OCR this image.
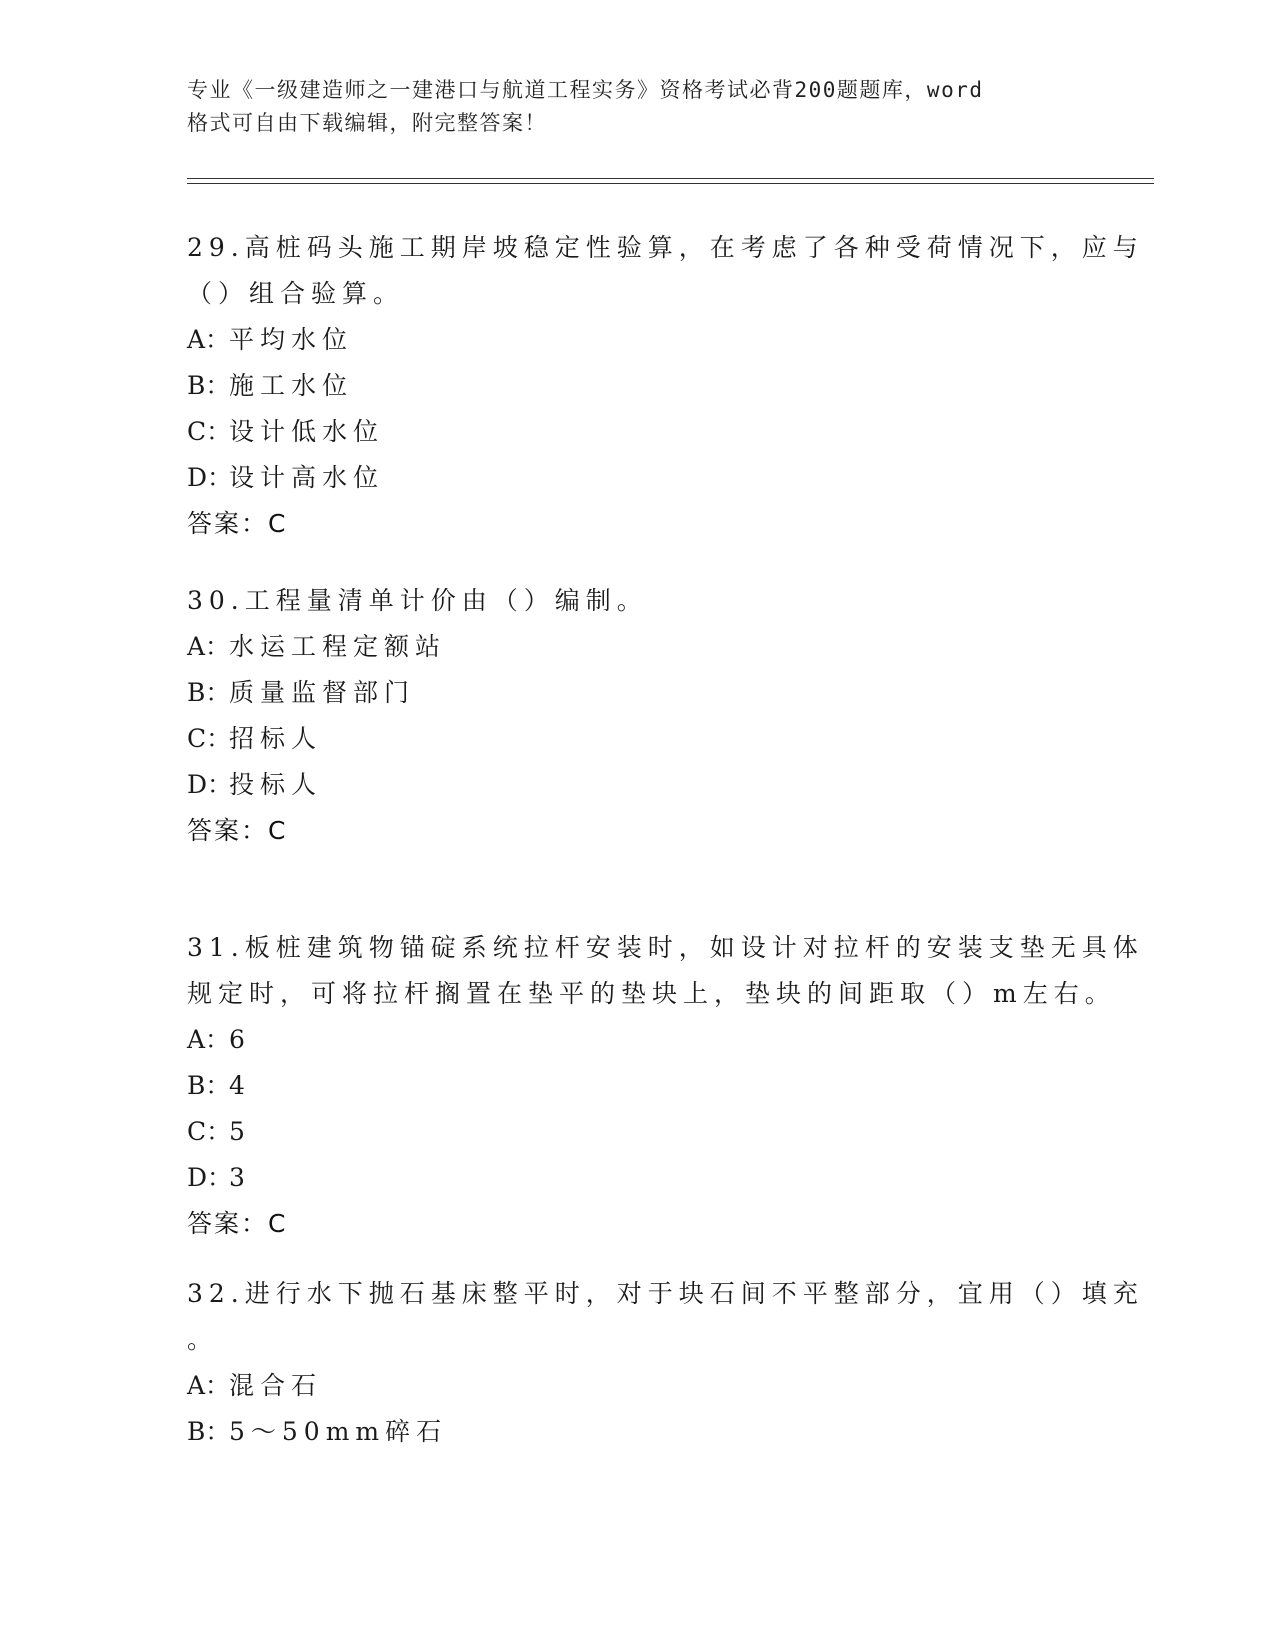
专业《一级建造师之一建港口与航道工程实务》资格考试必背200题题库，word
格式可自由下载编辑，附完整答案！
29.高桩码头施工期岸坡稳定性验算，在考虑了各种受荷情况下，应与
（）组合验算。
A：平均水位
B：施工水位
C：设计低水位
D：设计高水位
答案：C
30.工程量清单计价由（）编制。
A：水运工程定额站
B：质量监督部门
C：招标人
D：投标人
答案：C
31.板桩建筑物锚碇系统拉杆安装时，如设计对拉杆的安装支垫无具体
规定时，可将拉杆搁置在垫平的垫块上，垫块的间距取（）m左右。
A：6
B：4
C：5
D：3
答案：C
32.进行水下抛石基床整平时，对于块石间不平整部分，宜用（）填充
。
A：混合石
B：5～50mm碎石
